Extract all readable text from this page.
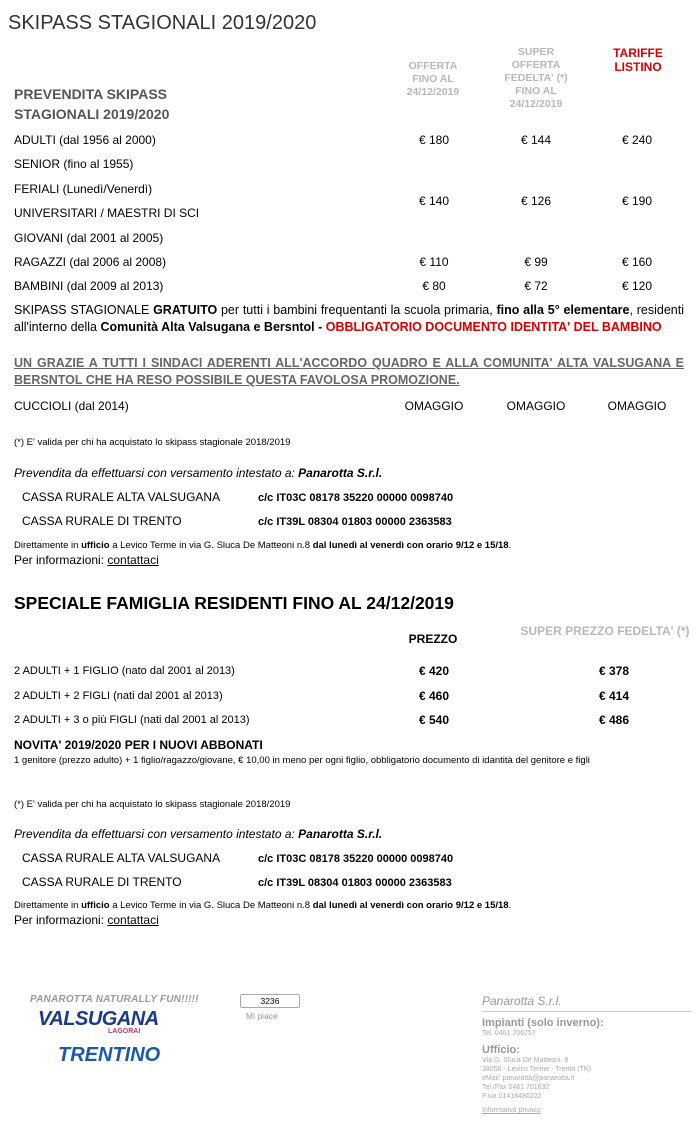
SKIPASS STAGIONALI 2019/2020
OFFERTA FINO AL 24/12/2019
SUPER OFFERTA FEDELTA' (*) FINO AL 24/12/2019
TARIFFE LISTINO
PREVENDITA SKIPASS STAGIONALI 2019/2020
ADULTI (dal 1956 al 2000)	€ 180	€ 144	€ 240
SENIOR (fino al 1955)
FERIALI (Lunedì/Venerdì)
UNIVERSITARI / MAESTRI DI SCI
GIOVANI (dal 2001 al 2005)
€ 140	€ 126	€ 190
RAGAZZI (dal 2006 al 2008)	€ 110	€ 99	€ 160
BAMBINI (dal 2009 al 2013)	€ 80	€ 72	€ 120
SKIPASS STAGIONALE GRATUITO per tutti i bambini frequentanti la scuola primaria, fino alla 5° elementare, residenti all'interno della Comunità Alta Valsugana e Bersntol - OBBLIGATORIO DOCUMENTO IDENTITA' DEL BAMBINO
UN GRAZIE A TUTTI I SINDACI ADERENTI ALL'ACCORDO QUADRO E ALLA COMUNITA' ALTA VALSUGANA E BERSNTOL CHE HA RESO POSSIBILE QUESTA FAVOLOSA PROMOZIONE.
CUCCIOLI (dal 2014)	OMAGGIO	OMAGGIO	OMAGGIO
(*) E' valida per chi ha acquistato lo skipass stagionale 2018/2019
Prevendita da effettuarsi con versamento intestato a: Panarotta S.r.l.
CASSA RURALE ALTA VALSUGANA	c/c IT03C 08178 35220 00000 0098740
CASSA RURALE DI TRENTO	c/c IT39L 08304 01803 00000 2363583
Direttamente in ufficio a Levico Terme in via G. Sluca De Matteoni n.8 dal lunedì al venerdì con orario 9/12 e 15/18.
Per informazioni: contattaci
SPECIALE FAMIGLIA RESIDENTI FINO AL 24/12/2019
PREZZO
SUPER PREZZO FEDELTA' (*)
2 ADULTI + 1 FIGLIO (nato dal 2001 al 2013)	€ 420	€ 378
2 ADULTI + 2 FIGLI (nati dal 2001 al 2013)	€ 460	€ 414
2 ADULTI + 3 o più FIGLI (nati dal 2001 al 2013)	€ 540	€ 486
NOVITA' 2019/2020 PER I NUOVI ABBONATI
1 genitore (prezzo adulto) + 1 figlio/ragazzo/giovane, € 10,00 in meno per ogni figlio, obbligatorio documento di idantità del genitore e figli
(*) E' valida per chi ha acquistato lo skipass stagionale 2018/2019
Prevendita da effettuarsi con versamento intestato a: Panarotta S.r.l.
CASSA RURALE ALTA VALSUGANA	c/c IT03C 08178 35220 00000 0098740
CASSA RURALE DI TRENTO	c/c IT39L 08304 01803 00000 2363583
Direttamente in ufficio a Levico Terme in via G. Sluca De Matteoni n.8 dal lunedì al venerdì con orario 9/12 e 15/18.
Per informazioni: contattaci
PANAROTTA NATURALLY FUN!!!!!
VALSUGANA
LAGORAI
TRENTINO
3236
Mi piace
Panarotta S.r.l.
Impianti (solo inverno):
Tel. 0461 706757
Ufficio:
Via G. Sluca De Matteoni, 8
38056 - Levico Terme - Trento (TN)
eMail: panarotta@panarotta.it
Tel./Fax 0461 701632
P.iva 01418480222
Informativa privacy
